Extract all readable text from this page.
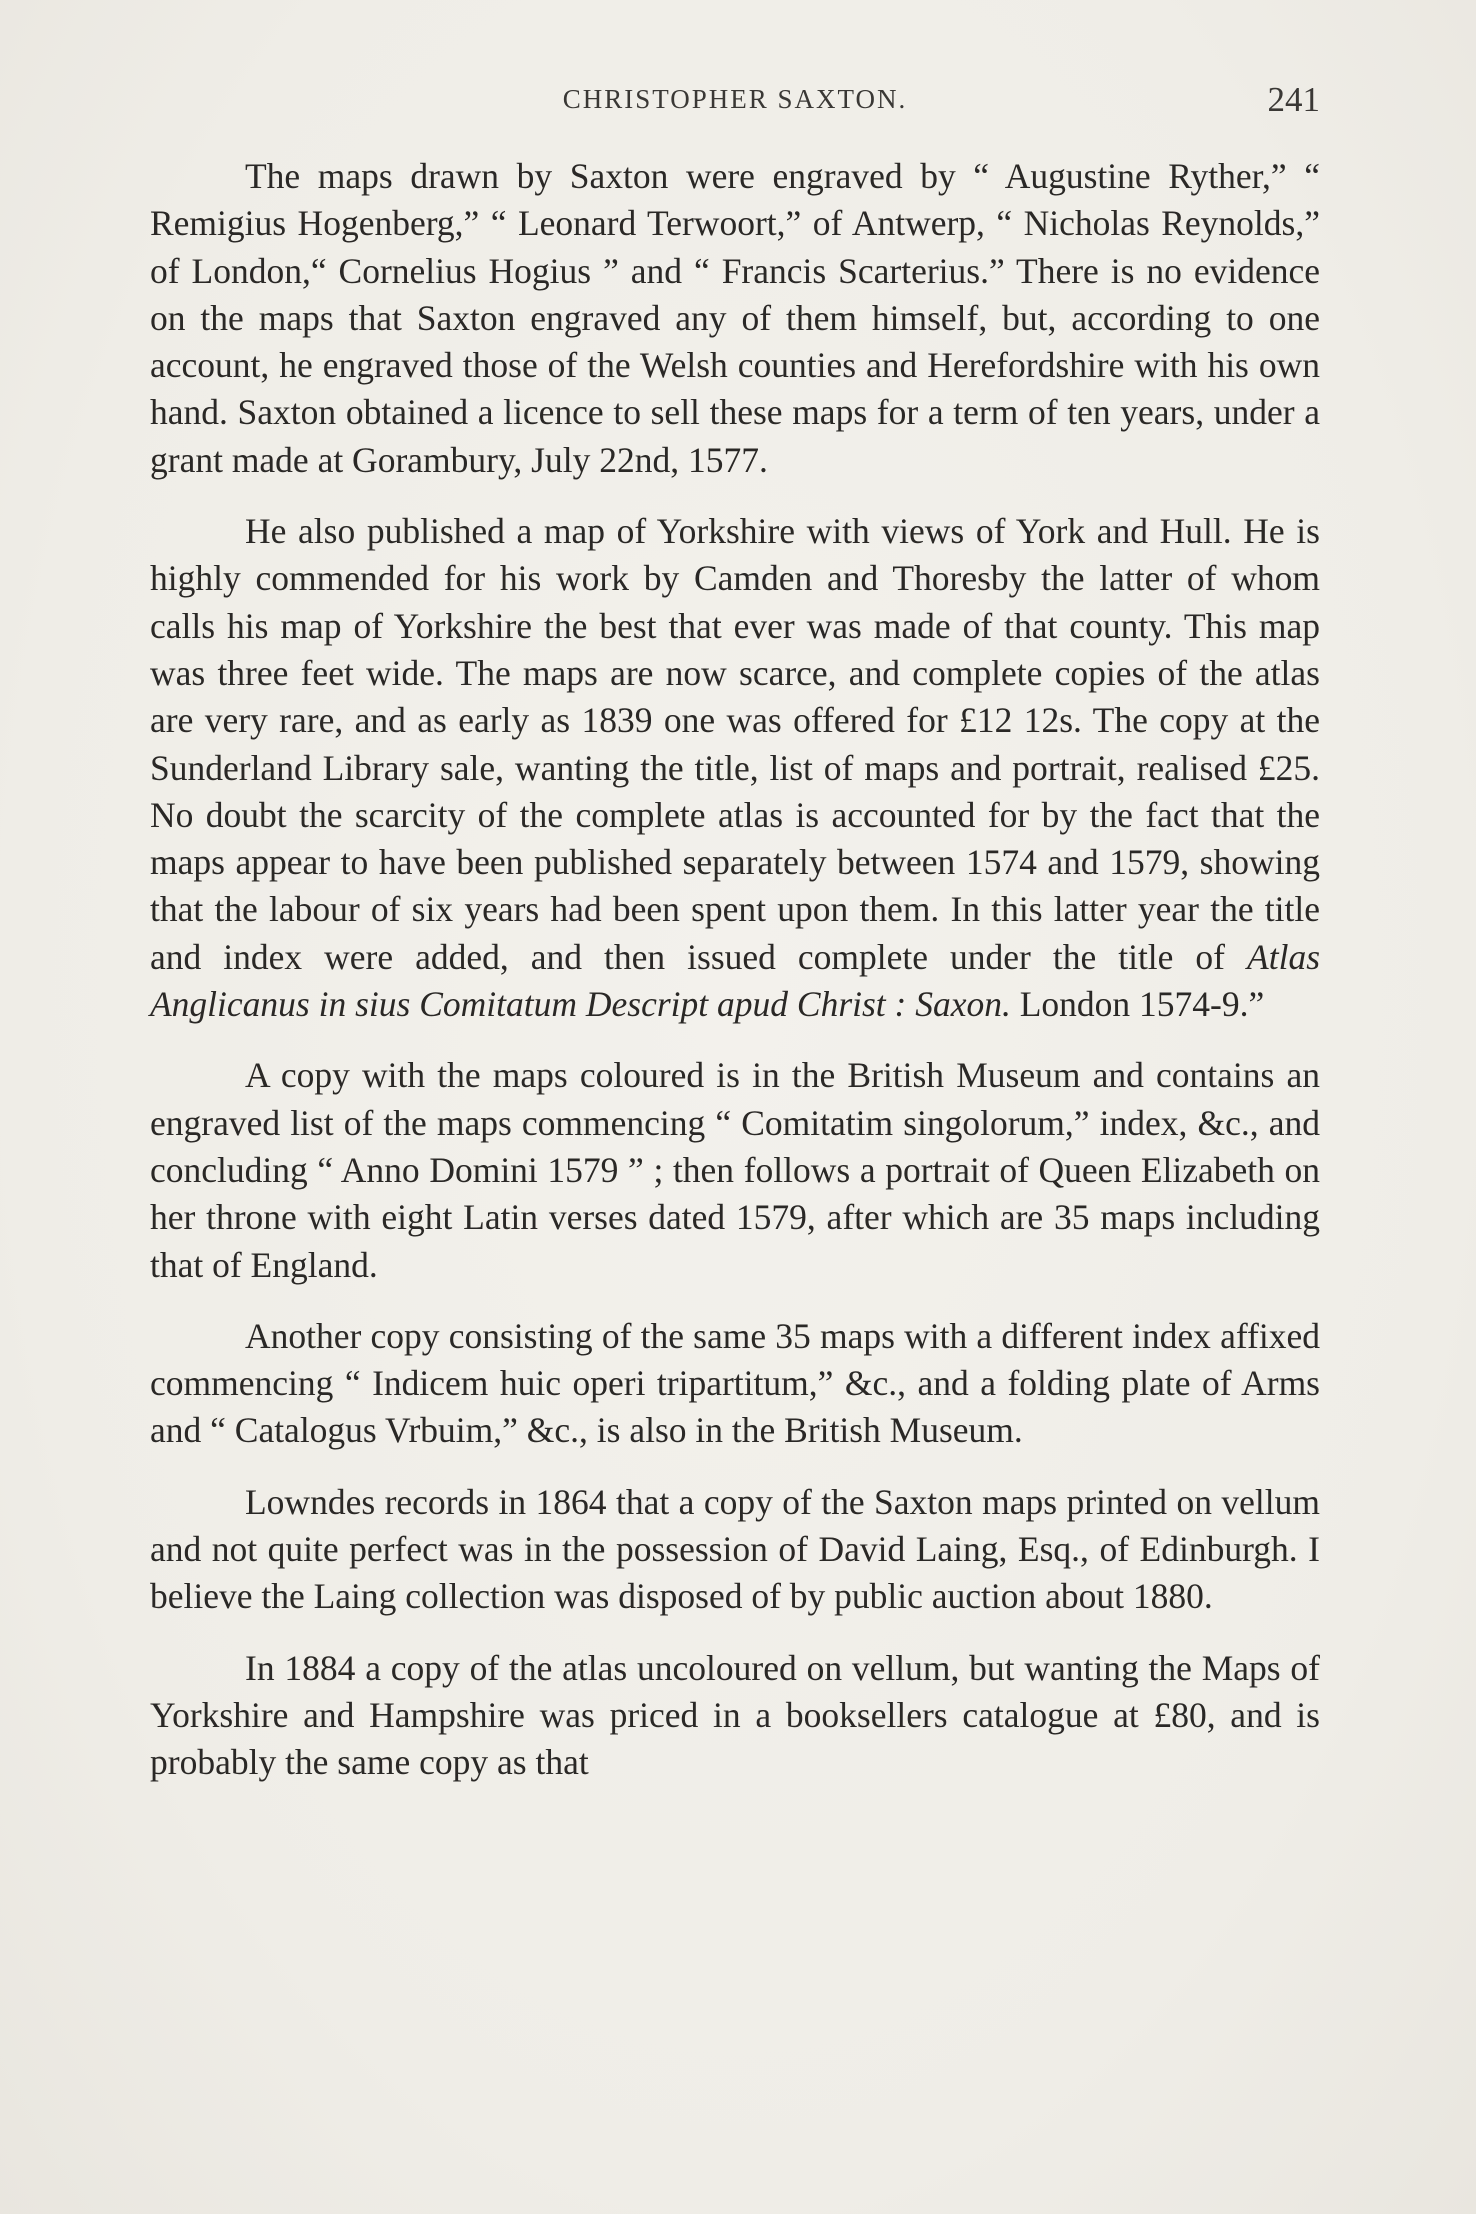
CHRISTOPHER SAXTON.	241

The maps drawn by Saxton were engraved by “ Augustine Ryther,” “ Remigius Hogenberg,” “ Leonard Terwoort,” of Antwerp, “ Nicholas Reynolds,” of London,“ Cornelius Hogius ” and “ Francis Scarterius.” There is no evidence on the maps that Saxton engraved any of them himself, but, according to one account, he engraved those of the Welsh counties and Herefordshire with his own hand. Saxton obtained a licence to sell these maps for a term of ten years, under a grant made at Gorambury, July 22nd, 1577.

He also published a map of Yorkshire with views of York and Hull. He is highly commended for his work by Camden and Thoresby the latter of whom calls his map of Yorkshire the best that ever was made of that county. This map was three feet wide. The maps are now scarce, and complete copies of the atlas are very rare, and as early as 1839 one was offered for £12 12s. The copy at the Sunderland Library sale, wanting the title, list of maps and portrait, realised £25. No doubt the scarcity of the complete atlas is accounted for by the fact that the maps appear to have been published separately between 1574 and 1579, showing that the labour of six years had been spent upon them. In this latter year the title and index were added, and then issued complete under the title of Atlas Anglicanus in sius Comitatum Descript apud Christ : Saxon. London 1574-9.”

A copy with the maps coloured is in the British Museum and contains an engraved list of the maps commencing “ Comitatim singolorum,” index, &c., and concluding “ Anno Domini 1579 ” ; then follows a portrait of Queen Elizabeth on her throne with eight Latin verses dated 1579, after which are 35 maps including that of England.

Another copy consisting of the same 35 maps with a different index affixed commencing “ Indicem huic operi tripartitum,” &c., and a folding plate of Arms and “ Catalogus Vrbuim,” &c., is also in the British Museum.

Lowndes records in 1864 that a copy of the Saxton maps printed on vellum and not quite perfect was in the possession of David Laing, Esq., of Edinburgh. I believe the Laing collection was disposed of by public auction about 1880.

In 1884 a copy of the atlas uncoloured on vellum, but wanting the Maps of Yorkshire and Hampshire was priced in a booksellers catalogue at £80, and is probably the same copy as that
